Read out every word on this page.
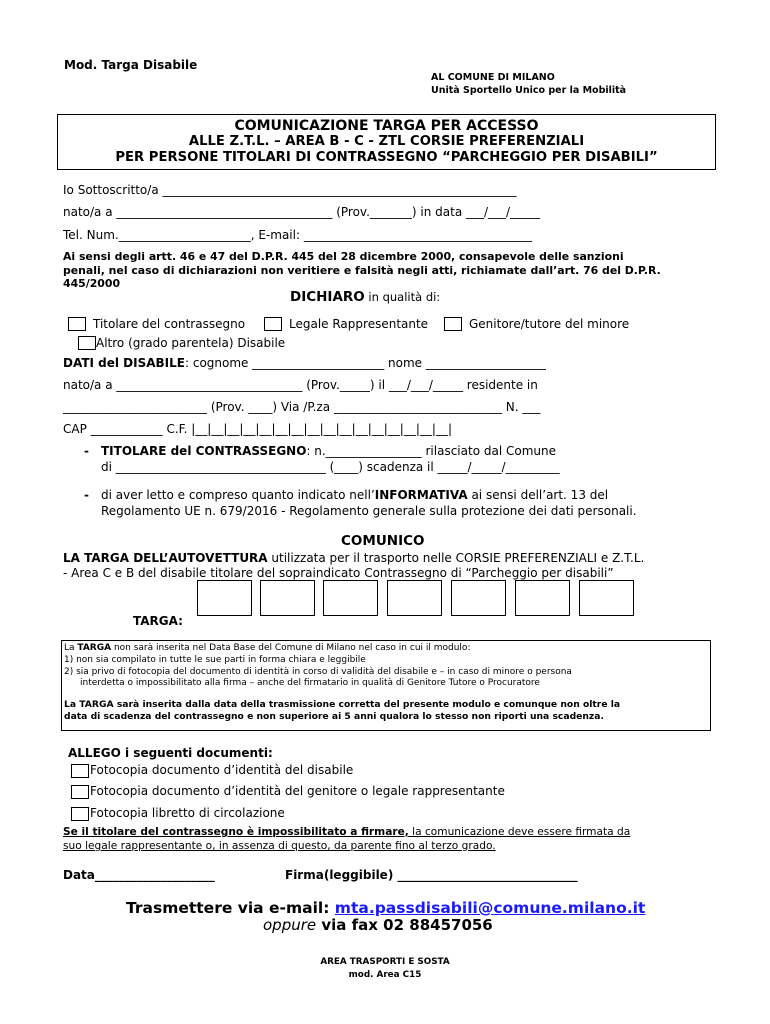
Mod. Targa Disabile
AL COMUNE DI MILANO
Unità Sportello Unico per la Mobilità
COMUNICAZIONE TARGA PER ACCESSO
ALLE Z.T.L. – AREA B - C - ZTL CORSIE PREFERENZIALI
PER PERSONE TITOLARI DI CONTRASSEGNO “PARCHEGGIO PER DISABILI”
Io Sottoscritto/a ___________________________________________________________
nato/a a ____________________________________ (Prov._______) in data ___/___/_____
Tel. Num.______________________, E-mail: ______________________________________
Ai sensi degli artt. 46 e 47 del D.P.R. 445 del 28 dicembre 2000, consapevole delle sanzioni
penali, nel caso di dichiarazioni non veritiere e falsità negli atti, richiamate dall’art. 76 del D.P.R.
445/2000
DICHIARO in qualità di:
Titolare del contrassegno	Legale Rappresentante	Genitore/tutore del minore
Altro (grado parentela) Disabile
DATI del DISABILE: cognome ______________________ nome ____________________
nato/a a _______________________________ (Prov._____) il ___/___/_____ residente in
________________________ (Prov. ____) Via /P.za ____________________________ N. ___
CAP ____________ C.F. |__|__|__|__|__|__|__|__|__|__|__|__|__|__|__|__|
- TITOLARE del CONTRASSEGNO: n.________________ rilasciato dal Comune
di ___________________________________ (____) scadenza il _____/_____/_________
- di aver letto e compreso quanto indicato nell’INFORMATIVA ai sensi dell’art. 13 del
Regolamento UE n. 679/2016 - Regolamento generale sulla protezione dei dati personali.
COMUNICO
LA TARGA DELL’AUTOVETTURA utilizzata per il trasporto nelle CORSIE PREFERENZIALI e Z.T.L.
- Area C e B del disabile titolare del sopraindicato Contrassegno di “Parcheggio per disabili”
TARGA:
La TARGA non sarà inserita nel Data Base del Comune di Milano nel caso in cui il modulo:
1) non sia compilato in tutte le sue parti in forma chiara e leggibile
2) sia privo di fotocopia del documento di identità in corso di validità del disabile e – in caso di minore o persona
interdetta o impossibilitato alla firma – anche del firmatario in qualità di Genitore Tutore o Procuratore
La TARGA sarà inserita dalla data della trasmissione corretta del presente modulo e comunque non oltre la
data di scadenza del contrassegno e non superiore ai 5 anni qualora lo stesso non riporti una scadenza.
ALLEGO i seguenti documenti:
Fotocopia documento d’identità del disabile
Fotocopia documento d’identità del genitore o legale rappresentante
Fotocopia libretto di circolazione
Se il titolare del contrassegno è impossibilitato a firmare, la comunicazione deve essere firmata da
suo legale rappresentante o, in assenza di questo, da parente fino al terzo grado.
Data____________________	Firma(leggibile) ______________________________
Trasmettere via e-mail: mta.passdisabili@comune.milano.it
oppure via fax 02 88457056
AREA TRASPORTI E SOSTA
mod. Area C15
